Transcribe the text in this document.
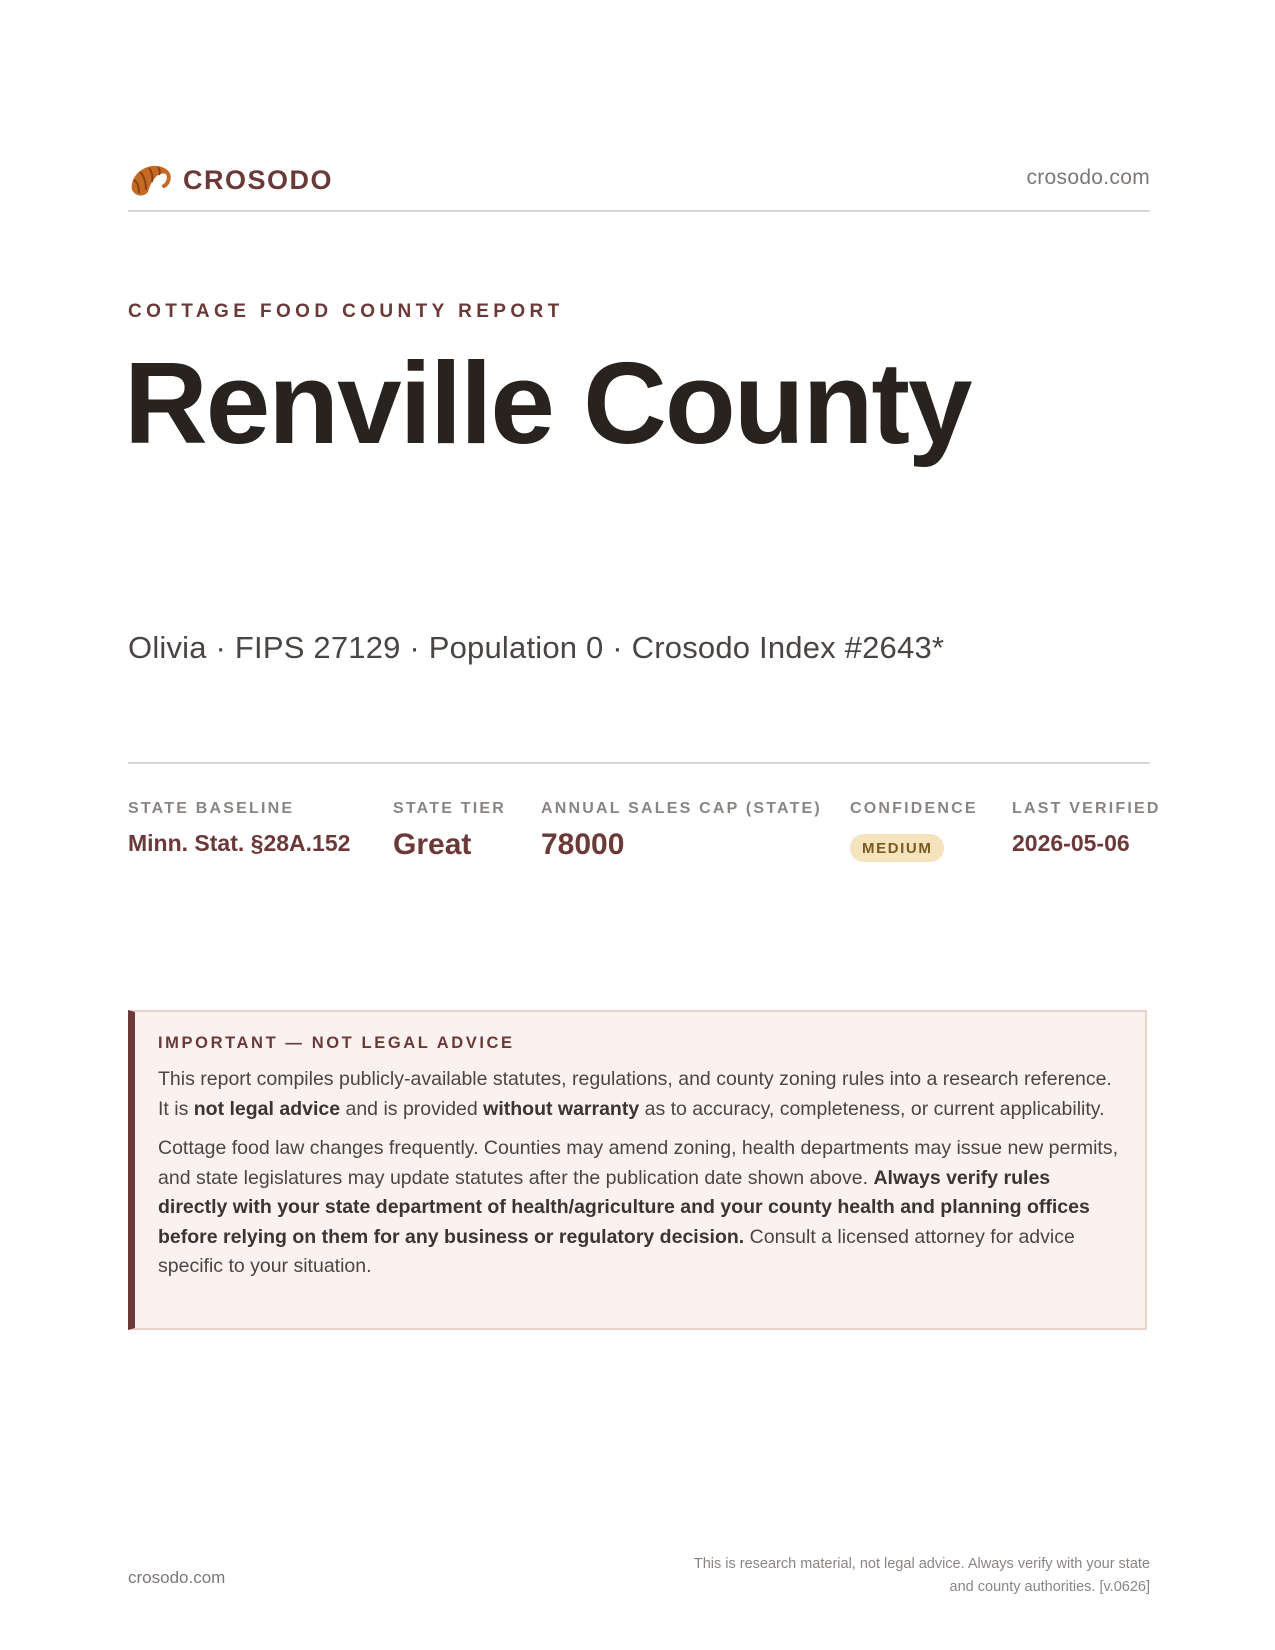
CROSODO	crosodo.com
COTTAGE FOOD COUNTY REPORT
Renville County
Olivia · FIPS 27129 · Population 0 · Crosodo Index #2643*
STATE BASELINE
Minn. Stat. §28A.152
STATE TIER
Great
ANNUAL SALES CAP (STATE)
78000
CONFIDENCE
MEDIUM
LAST VERIFIED
2026-05-06
IMPORTANT — NOT LEGAL ADVICE

This report compiles publicly-available statutes, regulations, and county zoning rules into a research reference. It is not legal advice and is provided without warranty as to accuracy, completeness, or current applicability.

Cottage food law changes frequently. Counties may amend zoning, health departments may issue new permits, and state legislatures may update statutes after the publication date shown above. Always verify rules directly with your state department of health/agriculture and your county health and planning offices before relying on them for any business or regulatory decision. Consult a licensed attorney for advice specific to your situation.

crosodo.com
This is research material, not legal advice. Always verify with your state
and county authorities. [v.0626]
